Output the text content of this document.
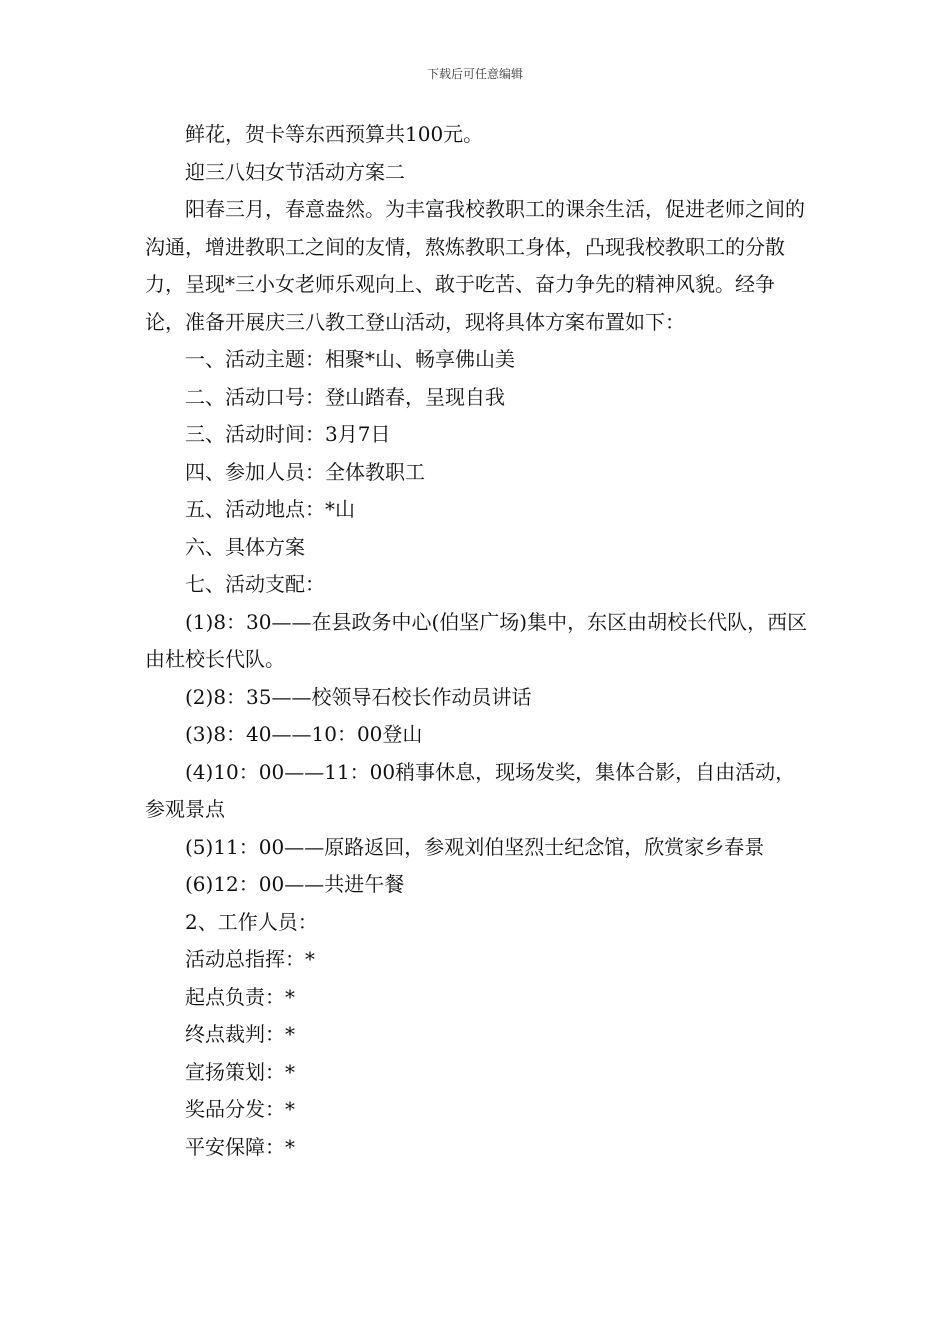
下载后可任意编辑

鲜花，贺卡等东西预算共100元。

迎三八妇女节活动方案二

阳春三月，春意盎然。为丰富我校教职工的课余生活，促进老师之间的沟通，增进教职工之间的友情，熬炼教职工身体，凸现我校教职工的分散力，呈现*三小女老师乐观向上、敢于吃苦、奋力争先的精神风貌。经争论，准备开展庆三八教工登山活动，现将具体方案布置如下：

一、活动主题：相聚*山、畅享佛山美

二、活动口号：登山踏春，呈现自我

三、活动时间：3月7日

四、参加人员：全体教职工

五、活动地点：*山

六、具体方案

七、活动支配：

(1)8：30——在县政务中心(伯坚广场)集中，东区由胡校长代队，西区由杜校长代队。

(2)8：35——校领导石校长作动员讲话

(3)8：40——10：00登山

(4)10：00——11：00稍事休息，现场发奖，集体合影，自由活动，参观景点

(5)11：00——原路返回，参观刘伯坚烈士纪念馆，欣赏家乡春景

(6)12：00——共进午餐

2、工作人员：

活动总指挥：*

起点负责：*

终点裁判：*

宣扬策划：*

奖品分发：*

平安保障：*
